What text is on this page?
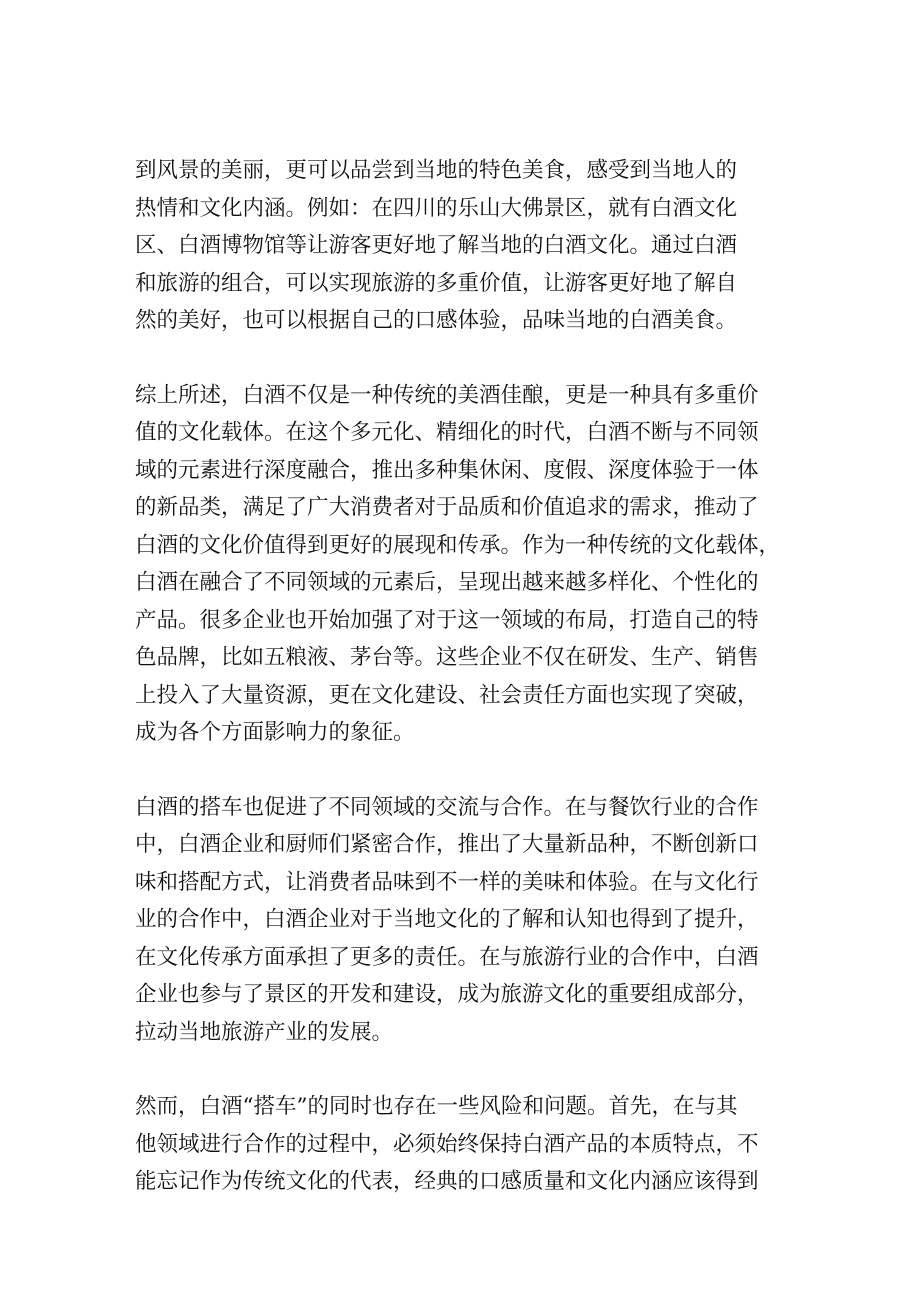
到风景的美丽，更可以品尝到当地的特色美食，感受到当地人的
热情和文化内涵。例如：在四川的乐山大佛景区，就有白酒文化
区、白酒博物馆等让游客更好地了解当地的白酒文化。通过白酒
和旅游的组合，可以实现旅游的多重价值，让游客更好地了解自
然的美好，也可以根据自己的口感体验，品味当地的白酒美食。

综上所述，白酒不仅是一种传统的美酒佳酿，更是一种具有多重价
值的文化载体。在这个多元化、精细化的时代，白酒不断与不同领
域的元素进行深度融合，推出多种集休闲、度假、深度体验于一体
的新品类，满足了广大消费者对于品质和价值追求的需求，推动了
白酒的文化价值得到更好的展现和传承。作为一种传统的文化载体，
白酒在融合了不同领域的元素后，呈现出越来越多样化、个性化的
产品。很多企业也开始加强了对于这一领域的布局，打造自己的特
色品牌，比如五粮液、茅台等。这些企业不仅在研发、生产、销售
上投入了大量资源，更在文化建设、社会责任方面也实现了突破，
成为各个方面影响力的象征。

白酒的搭车也促进了不同领域的交流与合作。在与餐饮行业的合作
中，白酒企业和厨师们紧密合作，推出了大量新品种，不断创新口
味和搭配方式，让消费者品味到不一样的美味和体验。在与文化行
业的合作中，白酒企业对于当地文化的了解和认知也得到了提升，
在文化传承方面承担了更多的责任。在与旅游行业的合作中，白酒
企业也参与了景区的开发和建设，成为旅游文化的重要组成部分，
拉动当地旅游产业的发展。

然而，白酒“搭车”的同时也存在一些风险和问题。首先，在与其
他领域进行合作的过程中，必须始终保持白酒产品的本质特点，不
能忘记作为传统文化的代表，经典的口感质量和文化内涵应该得到
